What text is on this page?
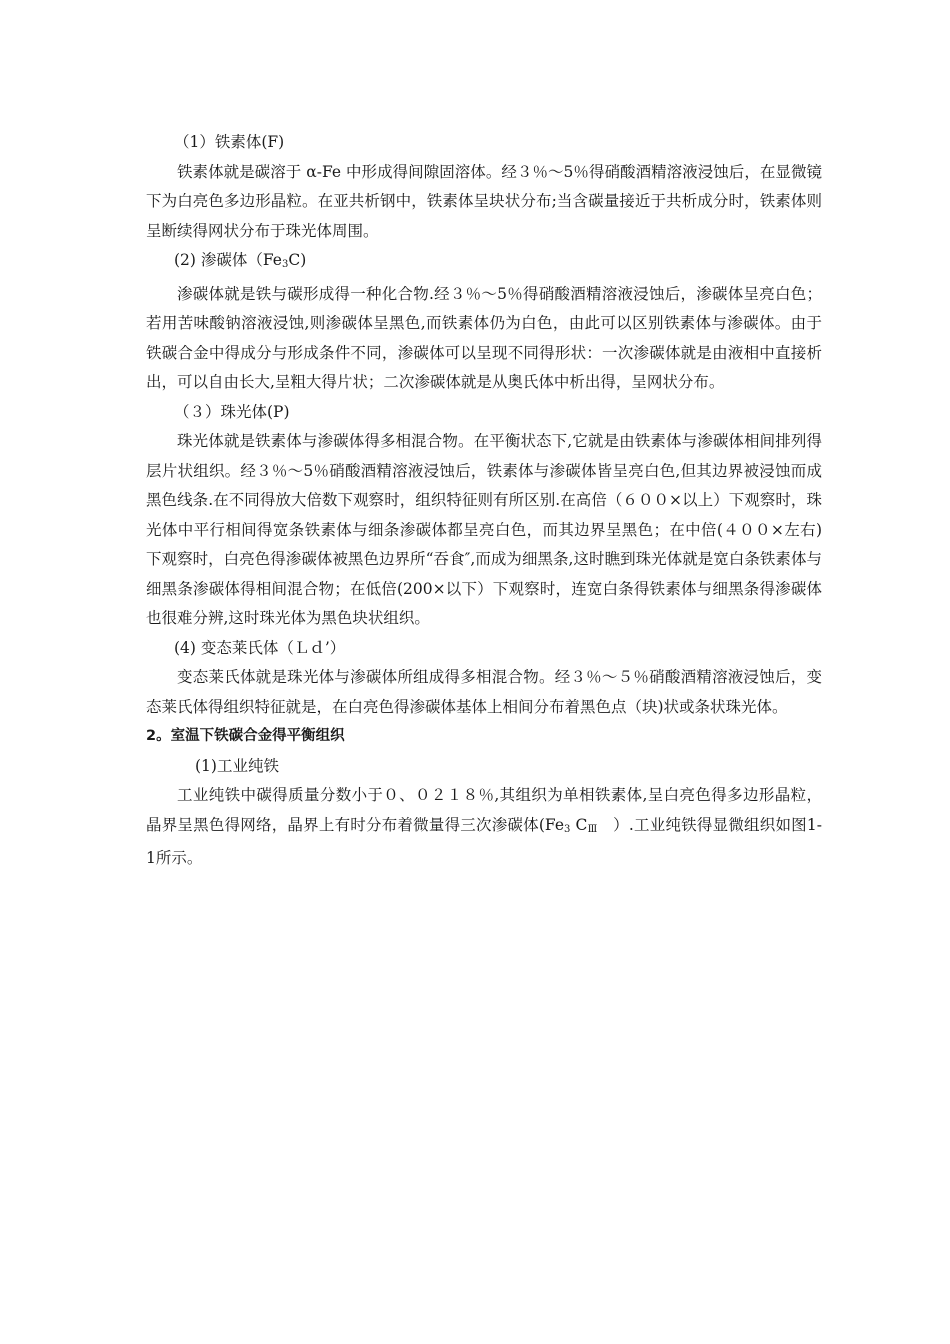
（1）铁素体(F)

铁素体就是碳溶于 α-Fe 中形成得间隙固溶体。经３％～5％得硝酸酒精溶液浸蚀后，在显微镜下为白亮色多边形晶粒。在亚共析钢中，铁素体呈块状分布;当含碳量接近于共析成分时，铁素体则呈断续得网状分布于珠光体周围。

(2) 渗碳体$(Fe_3C)$

渗碳体就是铁与碳形成得一种化合物.经３％～5％得硝酸酒精溶液浸蚀后，渗碳体呈亮白色；若用苦味酸钠溶液浸蚀,则渗碳体呈黑色,而铁素体仍为白色，由此可以区别铁素体与渗碳体。由于铁碳合金中得成分与形成条件不同，渗碳体可以呈现不同得形状：一次渗碳体就是由液相中直接析出，可以自由长大,呈粗大得片状；二次渗碳体就是从奥氏体中析出得，呈网状分布。

（３）珠光体(P)

珠光体就是铁素体与渗碳体得多相混合物。在平衡状态下,它就是由铁素体与渗碳体相间排列得层片状组织。经３％～5％硝酸酒精溶液浸蚀后，铁素体与渗碳体皆呈亮白色,但其边界被浸蚀而成黑色线条.在不同得放大倍数下观察时，组织特征则有所区别.在高倍（６００×以上）下观察时，珠光体中平行相间得宽条铁素体与细条渗碳体都呈亮白色，而其边界呈黑色；在中倍(４００×左右)下观察时，白亮色得渗碳体被黑色边界所“吞食″,而成为细黑条,这时瞧到珠光体就是宽白条铁素体与细黑条渗碳体得相间混合物；在低倍(200×以下）下观察时，连宽白条得铁素体与细黑条得渗碳体也很难分辨,这时珠光体为黑色块状组织。

(4) 变态莱氏体（Ｌｄ’）

变态莱氏体就是珠光体与渗碳体所组成得多相混合物。经３％～５％硝酸酒精溶液浸蚀后，变态莱氏体得组织特征就是，在白亮色得渗碳体基体上相间分布着黑色点（块)状或条状珠光体。

2。室温下铁碳合金得平衡组织

(1)工业纯铁

工业纯铁中碳得质量分数小于０、０２１８％,其组织为单相铁素体,呈白亮色得多边形晶粒，晶界呈黑色得网络，晶界上有时分布着微量得三次渗碳体($Fe_3$ $C_Ⅲ$　）.工业纯铁得显微组织如图1-1所示。
